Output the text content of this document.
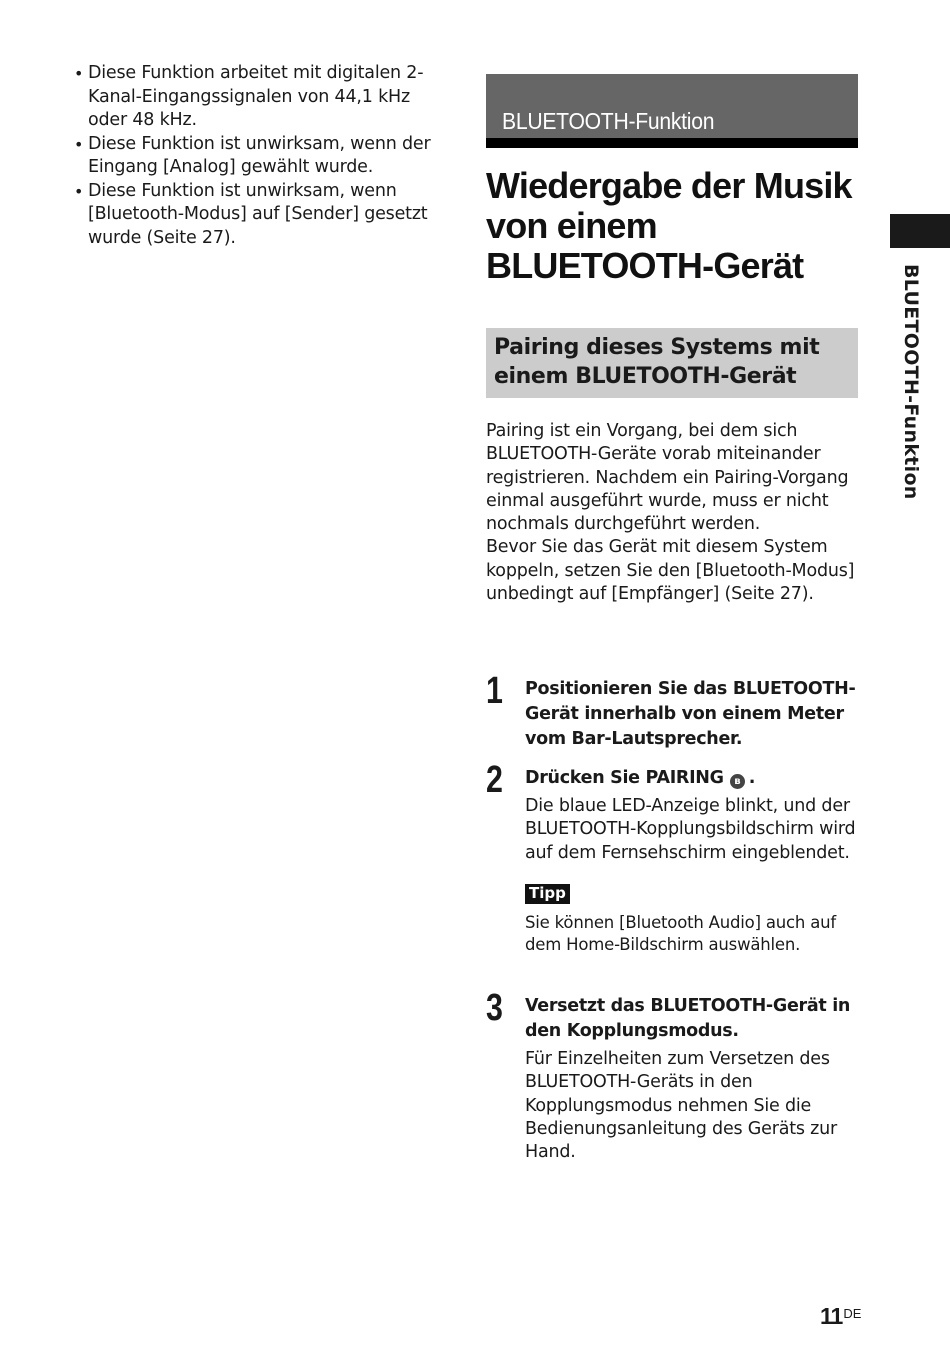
• Diese Funktion arbeitet mit digitalen 2-Kanal-Eingangssignalen von 44,1 kHz oder 48 kHz.
• Diese Funktion ist unwirksam, wenn der Eingang [Analog] gewählt wurde.
• Diese Funktion ist unwirksam, wenn [Bluetooth-Modus] auf [Sender] gesetzt wurde (Seite 27).
BLUETOOTH-Funktion
Wiedergabe der Musik von einem BLUETOOTH-Gerät
Pairing dieses Systems mit einem BLUETOOTH-Gerät

Pairing ist ein Vorgang, bei dem sich BLUETOOTH-Geräte vorab miteinander registrieren. Nachdem ein Pairing-Vorgang einmal ausgeführt wurde, muss er nicht nochmals durchgeführt werden.

Bevor Sie das Gerät mit diesem System koppeln, setzen Sie den [Bluetooth-Modus] unbedingt auf [Empfänger] (Seite 27).

1 Positionieren Sie das BLUETOOTH-Gerät innerhalb von einem Meter vom Bar-Lautsprecher.

2 Drücken Sie PAIRING ʙ .

Die blaue LED-Anzeige blinkt, und der BLUETOOTH-Kopplungsbildschirm wird auf dem Fernsehschirm eingeblendet.

Tipp

Sie können [Bluetooth Audio] auch auf dem Home-Bildschirm auswählen.

3 Versetzt das BLUETOOTH-Gerät in den Kopplungsmodus.

Für Einzelheiten zum Versetzen des BLUETOOTH-Geräts in den Kopplungsmodus nehmen Sie die Bedienungsanleitung des Geräts zur Hand.

BLUETOOTH-Funktion
11DE
